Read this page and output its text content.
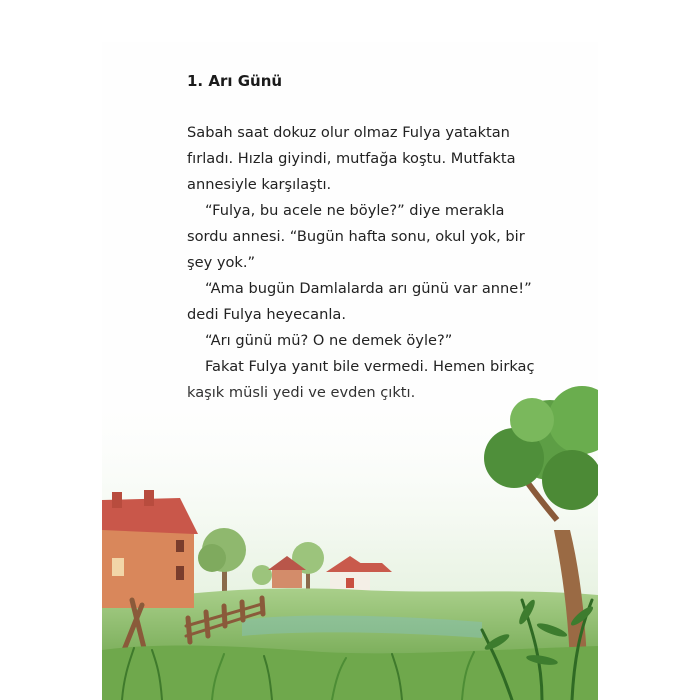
1. Arı Günü

Sabah saat dokuz olur olmaz Fulya yataktan

fırladı. Hızla giyindi, mutfağa koştu. Mutfakta

annesiyle karşılaştı.

“Fulya, bu acele ne böyle?” diye merakla

sordu annesi. “Bugün hafta sonu, okul yok, bir

şey yok.”

“Ama bugün Damlalarda arı günü var anne!”

dedi Fulya heyecanla.

“Arı günü mü? O ne demek öyle?”

Fakat Fulya yanıt bile vermedi. Hemen birkaç
